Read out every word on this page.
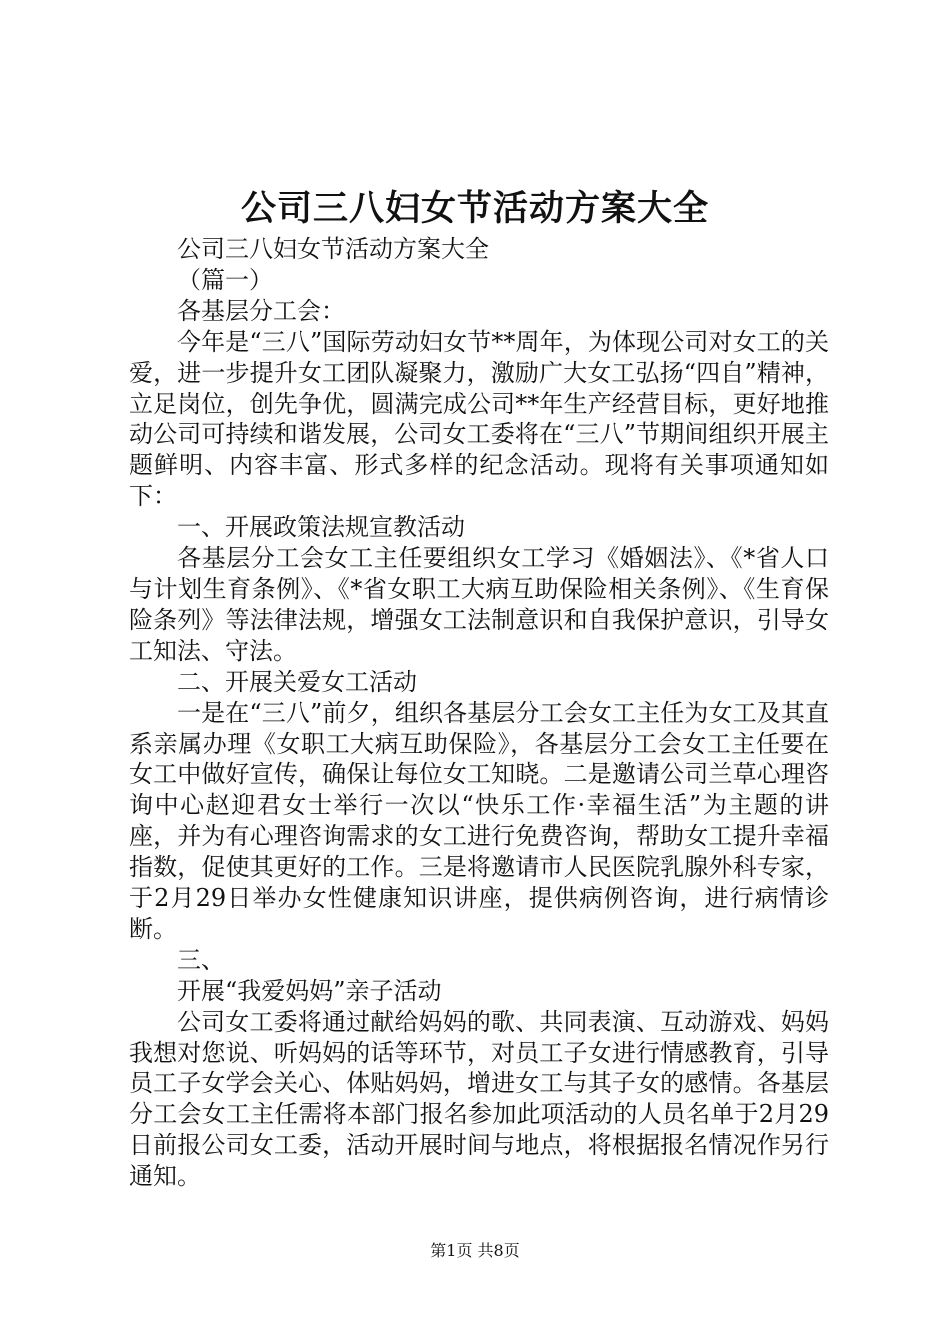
公司三八妇女节活动方案大全

公司三八妇女节活动方案大全

（篇一）

各基层分工会：

今年是“三八”国际劳动妇女节**周年，为体现公司对女工的关爱，进一步提升女工团队凝聚力，激励广大女工弘扬“四自”精神，立足岗位，创先争优，圆满完成公司**年生产经营目标，更好地推动公司可持续和谐发展，公司女工委将在“三八”节期间组织开展主题鲜明、内容丰富、形式多样的纪念活动。现将有关事项通知如下：

一、开展政策法规宣教活动

各基层分工会女工主任要组织女工学习《婚姻法》、《*省人口与计划生育条例》、《*省女职工大病互助保险相关条例》、《生育保险条列》等法律法规，增强女工法制意识和自我保护意识，引导女工知法、守法。

二、开展关爱女工活动

一是在“三八”前夕，组织各基层分工会女工主任为女工及其直系亲属办理《女职工大病互助保险》，各基层分工会女工主任要在女工中做好宣传，确保让每位女工知晓。二是邀请公司兰草心理咨询中心赵迎君女士举行一次以“快乐工作·幸福生活”为主题的讲座，并为有心理咨询需求的女工进行免费咨询，帮助女工提升幸福指数，促使其更好的工作。三是将邀请市人民医院乳腺外科专家，于2月29日举办女性健康知识讲座，提供病例咨询，进行病情诊断。

三、

开展“我爱妈妈”亲子活动

公司女工委将通过献给妈妈的歌、共同表演、互动游戏、妈妈我想对您说、听妈妈的话等环节，对员工子女进行情感教育，引导员工子女学会关心、体贴妈妈，增进女工与其子女的感情。各基层分工会女工主任需将本部门报名参加此项活动的人员名单于2月29日前报公司女工委，活动开展时间与地点，将根据报名情况作另行通知。

第1页 共8页
